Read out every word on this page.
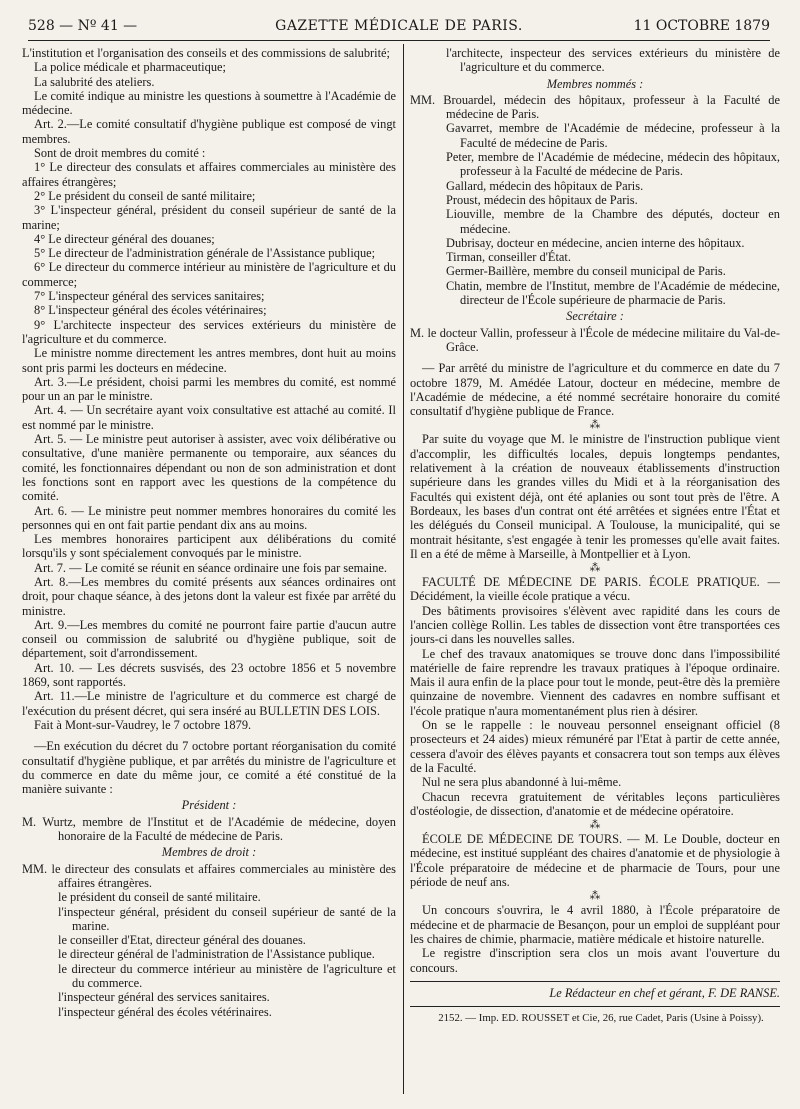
528 — Nº 41 —	GAZETTE MÉDICALE DE PARIS.	11 OCTOBRE 1879

L'institution et l'organisation des conseils et des commissions de salubrité;

La police médicale et pharmaceutique;

La salubrité des ateliers.

Le comité indique au ministre les questions à soumettre à l'Académie de médecine.

Art. 2.—Le comité consultatif d'hygiène publique est composé de vingt membres.

Sont de droit membres du comité :

1° Le directeur des consulats et affaires commerciales au ministère des affaires étrangères;

2° Le président du conseil de santé militaire;

3° L'inspecteur général, président du conseil supérieur de santé de la marine;

4° Le directeur général des douanes;

5° Le directeur de l'administration générale de l'Assistance publique;

6° Le directeur du commerce intérieur au ministère de l'agriculture et du commerce;

7° L'inspecteur général des services sanitaires;

8° L'inspecteur général des écoles vétérinaires;

9° L'architecte inspecteur des services extérieurs du ministère de l'agriculture et du commerce.

Le ministre nomme directement les antres membres, dont huit au moins sont pris parmi les docteurs en médecine.

Art. 3.—Le président, choisi parmi les membres du comité, est nommé pour un an par le ministre.

Art. 4. — Un secrétaire ayant voix consultative est attaché au comité. Il est nommé par le ministre.

Art. 5. — Le ministre peut autoriser à assister, avec voix délibérative ou consultative, d'une manière permanente ou temporaire, aux séances du comité, les fonctionnaires dépendant ou non de son administration et dont les fonctions sont en rapport avec les questions de la compétence du comité.

Art. 6. — Le ministre peut nommer membres honoraires du comité les personnes qui en ont fait partie pendant dix ans au moins.

Les membres honoraires participent aux délibérations du comité lorsqu'ils y sont spécialement convoqués par le ministre.

Art. 7. — Le comité se réunit en séance ordinaire une fois par semaine.

Art. 8.—Les membres du comité présents aux séances ordinaires ont droit, pour chaque séance, à des jetons dont la valeur est fixée par arrêté du ministre.

Art. 9.—Les membres du comité ne pourront faire partie d'aucun autre conseil ou commission de salubrité ou d'hygiène publique, soit de département, soit d'arrondissement.

Art. 10. — Les décrets susvisés, des 23 octobre 1856 et 5 novembre 1869, sont rapportés.

Art. 11.—Le ministre de l'agriculture et du commerce est chargé de l'exécution du présent décret, qui sera inséré au BULLETIN DES LOIS.

Fait à Mont-sur-Vaudrey, le 7 octobre 1879.

—En exécution du décret du 7 octobre portant réorganisation du comité consultatif d'hygiène publique, et par arrêtés du ministre de l'agriculture et du commerce en date du même jour, ce comité a été constitué de la manière suivante :

Président :

M. Wurtz, membre de l'Institut et de l'Académie de médecine, doyen honoraire de la Faculté de médecine de Paris.

Membres de droit :

MM. le directeur des consulats et affaires commerciales au ministère des affaires étrangères.

le président du conseil de santé militaire.

l'inspecteur général, président du conseil supérieur de santé de la marine.

le conseiller d'Etat, directeur général des douanes.

le directeur général de l'administration de l'Assistance publique.

le directeur du commerce intérieur au ministère de l'agriculture et du commerce.

l'inspecteur général des services sanitaires.

l'inspecteur général des écoles vétérinaires.

l'architecte, inspecteur des services extérieurs du ministère de l'agriculture et du commerce.

Membres nommés :

MM. Brouardel, médecin des hôpitaux, professeur à la Faculté de médecine de Paris.

Gavarret, membre de l'Académie de médecine, professeur à la Faculté de médecine de Paris.

Peter, membre de l'Académie de médecine, médecin des hôpitaux, professeur à la Faculté de médecine de Paris.

Gallard, médecin des hôpitaux de Paris.

Proust, médecin des hôpitaux de Paris.

Liouville, membre de la Chambre des députés, docteur en médecine.

Dubrisay, docteur en médecine, ancien interne des hôpitaux.

Tirman, conseiller d'État.

Germer-Baillère, membre du conseil municipal de Paris.

Chatin, membre de l'Institut, membre de l'Académie de médecine, directeur de l'École supérieure de pharmacie de Paris.

Secrétaire :

M. le docteur Vallin, professeur à l'École de médecine militaire du Val-de-Grâce.

— Par arrêté du ministre de l'agriculture et du commerce en date du 7 octobre 1879, M. Amédée Latour, docteur en médecine, membre de l'Académie de médecine, a été nommé secrétaire honoraire du comité consultatif d'hygiène publique de France.

⁂

Par suite du voyage que M. le ministre de l'instruction publique vient d'accomplir, les difficultés locales, depuis longtemps pendantes, relativement à la création de nouveaux établissements d'instruction supérieure dans les grandes villes du Midi et à la réorganisation des Facultés qui existent déjà, ont été aplanies ou sont tout près de l'être. A Bordeaux, les bases d'un contrat ont été arrêtées et signées entre l'État et les délégués du Conseil municipal. A Toulouse, la municipalité, qui se montrait hésitante, s'est engagée à tenir les promesses qu'elle avait faites. Il en a été de même à Marseille, à Montpellier et à Lyon.

⁂

FACULTÉ DE MÉDECINE DE PARIS. ÉCOLE PRATIQUE. — Décidément, la vieille école pratique a vécu.

Des bâtiments provisoires s'élèvent avec rapidité dans les cours de l'ancien collège Rollin. Les tables de dissection vont être transportées ces jours-ci dans les nouvelles salles.

Le chef des travaux anatomiques se trouve donc dans l'impossibilité matérielle de faire reprendre les travaux pratiques à l'époque ordinaire. Mais il aura enfin de la place pour tout le monde, peut-être dès la première quinzaine de novembre. Viennent des cadavres en nombre suffisant et l'école pratique n'aura momentanément plus rien à désirer.

On se le rappelle : le nouveau personnel enseignant officiel (8 prosecteurs et 24 aides) mieux rémunéré par l'Etat à partir de cette année, cessera d'avoir des élèves payants et consacrera tout son temps aux élèves de la Faculté.

Nul ne sera plus abandonné à lui-même.

Chacun recevra gratuitement de véritables leçons particulières d'ostéologie, de dissection, d'anatomie et de médecine opératoire.

⁂

ÉCOLE DE MÉDECINE DE TOURS. — M. Le Double, docteur en médecine, est institué suppléant des chaires d'anatomie et de physiologie à l'École préparatoire de médecine et de pharmacie de Tours, pour une période de neuf ans.

⁂

Un concours s'ouvrira, le 4 avril 1880, à l'École préparatoire de médecine et de pharmacie de Besançon, pour un emploi de suppléant pour les chaires de chimie, pharmacie, matière médicale et histoire naturelle.

Le registre d'inscription sera clos un mois avant l'ouverture du concours.

Le Rédacteur en chef et gérant, F. DE RANSE.

2152. — Imp. ED. ROUSSET et Cie, 26, rue Cadet, Paris (Usine à Poissy).
